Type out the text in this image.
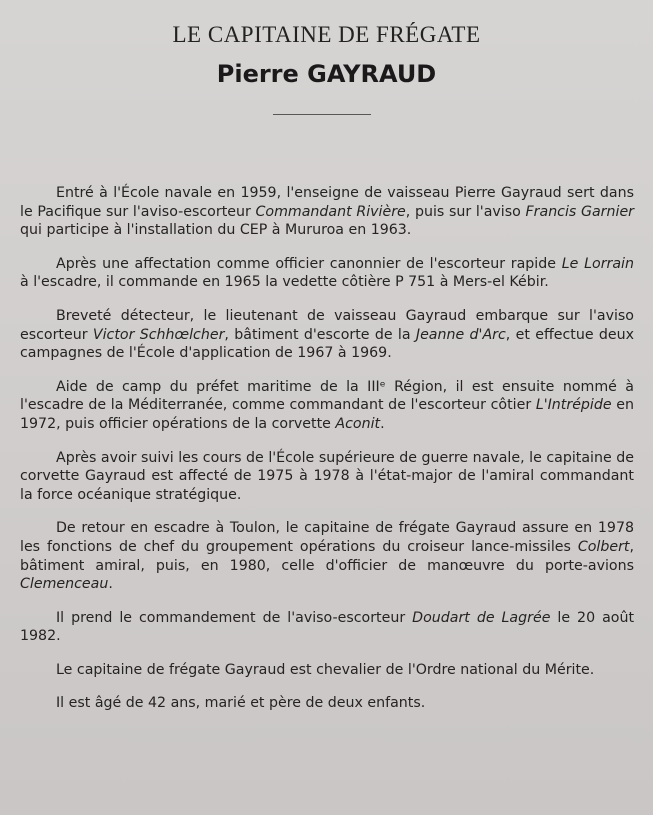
LE CAPITAINE DE FRÉGATE
Pierre GAYRAUD

Entré à l'École navale en 1959, l'enseigne de vaisseau Pierre Gayraud sert dans le Pacifique sur l'aviso-escorteur Commandant Rivière, puis sur l'aviso Francis Garnier qui participe à l'installation du CEP à Mururoa en 1963.

Après une affectation comme officier canonnier de l'escorteur rapide Le Lorrain à l'escadre, il commande en 1965 la vedette côtière P 751 à Mers-el Kébir.

Breveté détecteur, le lieutenant de vaisseau Gayraud embarque sur l'aviso escorteur Victor Schhœlcher, bâtiment d'escorte de la Jeanne d'Arc, et effectue deux campagnes de l'École d'application de 1967 à 1969.

Aide de camp du préfet maritime de la IIIᵉ Région, il est ensuite nommé à l'escadre de la Méditerranée, comme commandant de l'escorteur côtier L'Intrépide en 1972, puis officier opérations de la corvette Aconit.

Après avoir suivi les cours de l'École supérieure de guerre navale, le capitaine de corvette Gayraud est affecté de 1975 à 1978 à l'état-major de l'amiral commandant la force océanique stratégique.

De retour en escadre à Toulon, le capitaine de frégate Gayraud assure en 1978 les fonctions de chef du groupement opérations du croiseur lance-missiles Colbert, bâtiment amiral, puis, en 1980, celle d'officier de manœuvre du porte-avions Clemenceau.

Il prend le commandement de l'aviso-escorteur Doudart de Lagrée le 20 août 1982.

Le capitaine de frégate Gayraud est chevalier de l'Ordre national du Mérite.

Il est âgé de 42 ans, marié et père de deux enfants.
